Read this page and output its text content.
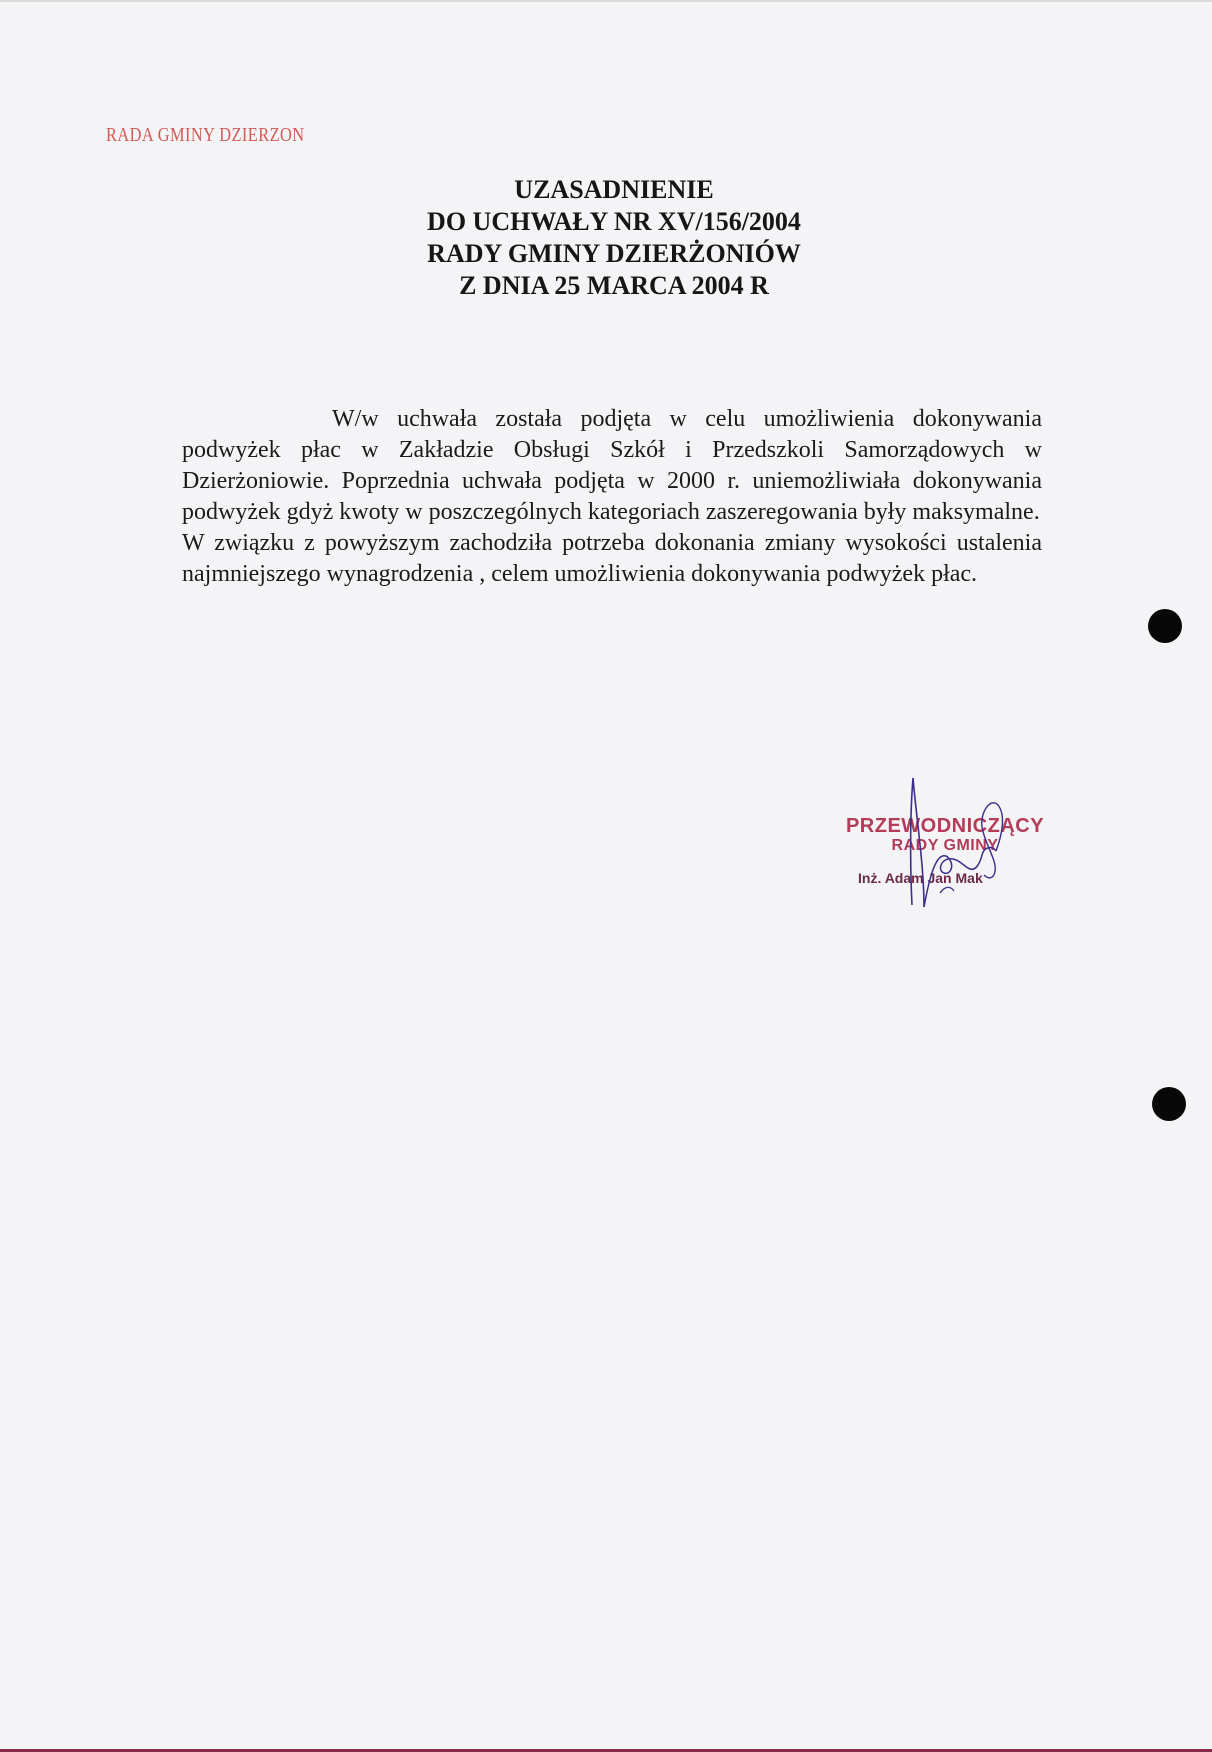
RADA GMINY DZIERZON
UZASADNIENIE
DO UCHWAŁY NR XV/156/2004
RADY GMINY DZIERŻONIÓW
Z DNIA 25 MARCA 2004 R

W/w uchwała została podjęta w celu umożliwienia dokonywania podwyżek płac w Zakładzie Obsługi Szkół i Przedszkoli Samorządowych w Dzierżoniowie. Poprzednia uchwała podjęta w 2000 r. uniemożliwiała dokonywania podwyżek gdyż kwoty w poszczególnych kategoriach zaszeregowania były maksymalne.

W związku z powyższym zachodziła potrzeba dokonania zmiany wysokości ustalenia najmniejszego wynagrodzenia , celem umożliwienia dokonywania podwyżek płac.

PRZEWODNICZĄCY
RADY GMINY
Inż. Adam Jan Mak
